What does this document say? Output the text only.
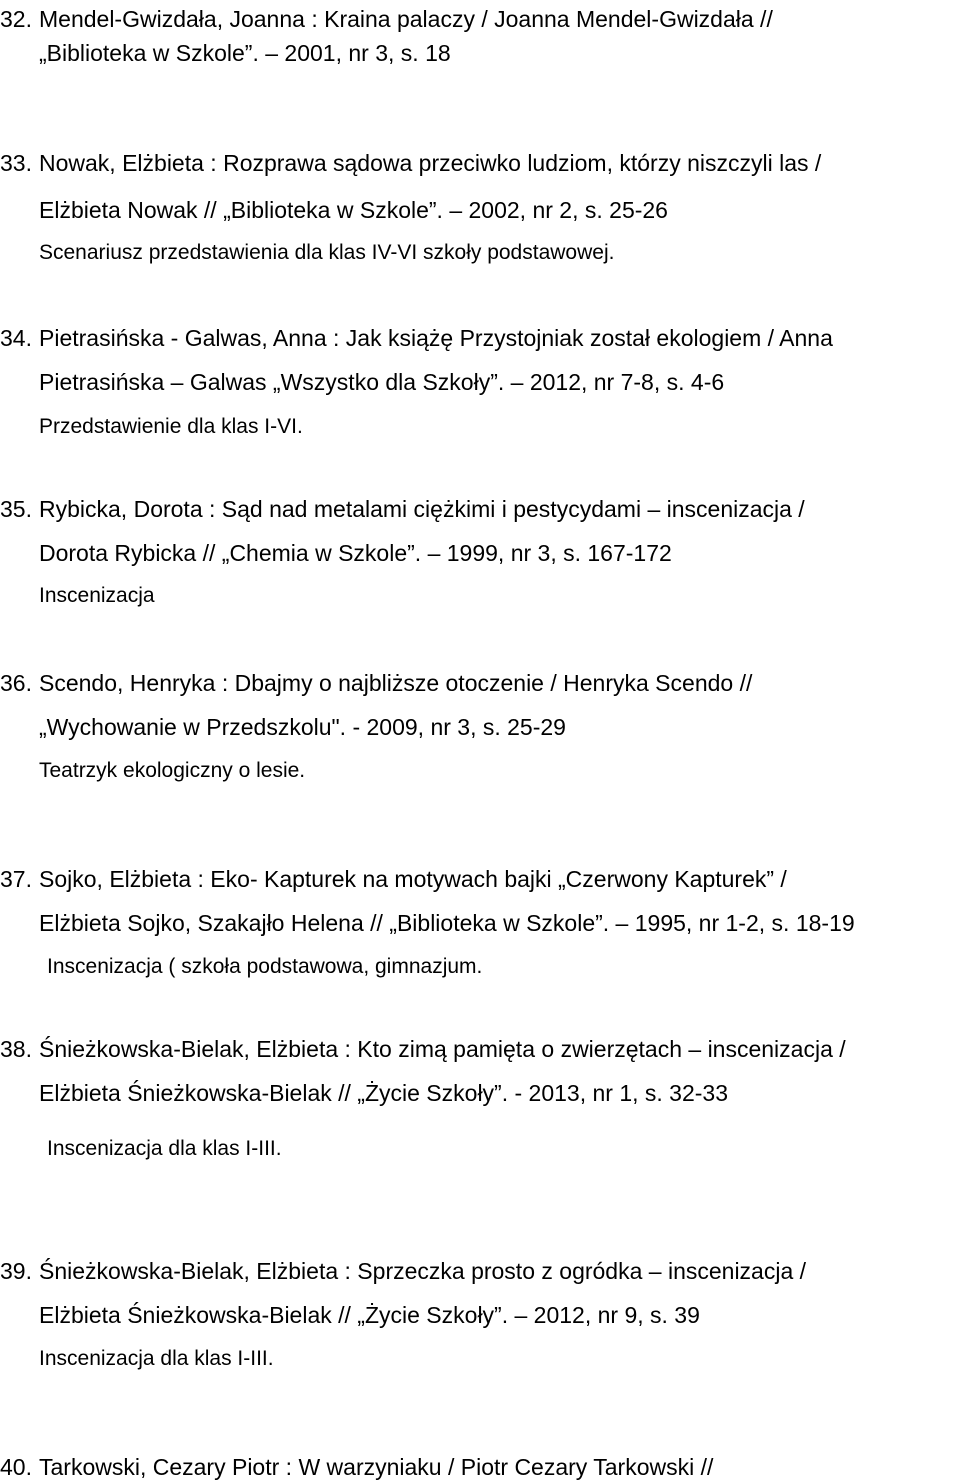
32. Mendel-Gwizdała, Joanna : Kraina palaczy / Joanna Mendel-Gwizdała //
„Biblioteka w Szkole”. – 2001, nr 3, s. 18
33. Nowak, Elżbieta : Rozprawa sądowa przeciwko ludziom, którzy niszczyli las /
Elżbieta Nowak // „Biblioteka w Szkole”. – 2002, nr 2, s. 25-26
Scenariusz przedstawienia dla klas IV-VI szkoły podstawowej.
34. Pietrasińska - Galwas, Anna : Jak książę Przystojniak został ekologiem / Anna
Pietrasińska – Galwas „Wszystko dla Szkoły”. – 2012, nr 7-8, s. 4-6
Przedstawienie dla klas I-VI.
35. Rybicka, Dorota : Sąd nad metalami ciężkimi i pestycydami – inscenizacja /
Dorota Rybicka // „Chemia w Szkole”. – 1999, nr 3, s. 167-172
Inscenizacja
36. Scendo, Henryka : Dbajmy o najbliższe otoczenie / Henryka Scendo //
„Wychowanie w Przedszkolu". - 2009, nr 3, s. 25-29
Teatrzyk ekologiczny o lesie.
37. Sojko, Elżbieta : Eko- Kapturek na motywach bajki „Czerwony Kapturek” /
Elżbieta Sojko, Szakajło Helena // „Biblioteka w Szkole”. – 1995, nr 1-2, s. 18-19
Inscenizacja ( szkoła podstawowa, gimnazjum.
38. Śnieżkowska-Bielak, Elżbieta : Kto zimą pamięta o zwierzętach – inscenizacja /
Elżbieta Śnieżkowska-Bielak // „Życie Szkoły”. - 2013, nr 1, s. 32-33
Inscenizacja dla klas I-III.
39. Śnieżkowska-Bielak, Elżbieta : Sprzeczka prosto z ogródka – inscenizacja /
Elżbieta Śnieżkowska-Bielak // „Życie Szkoły”. – 2012, nr 9, s. 39
Inscenizacja dla klas I-III.
40. Tarkowski, Cezary Piotr : W warzyniaku / Piotr Cezary Tarkowski //
